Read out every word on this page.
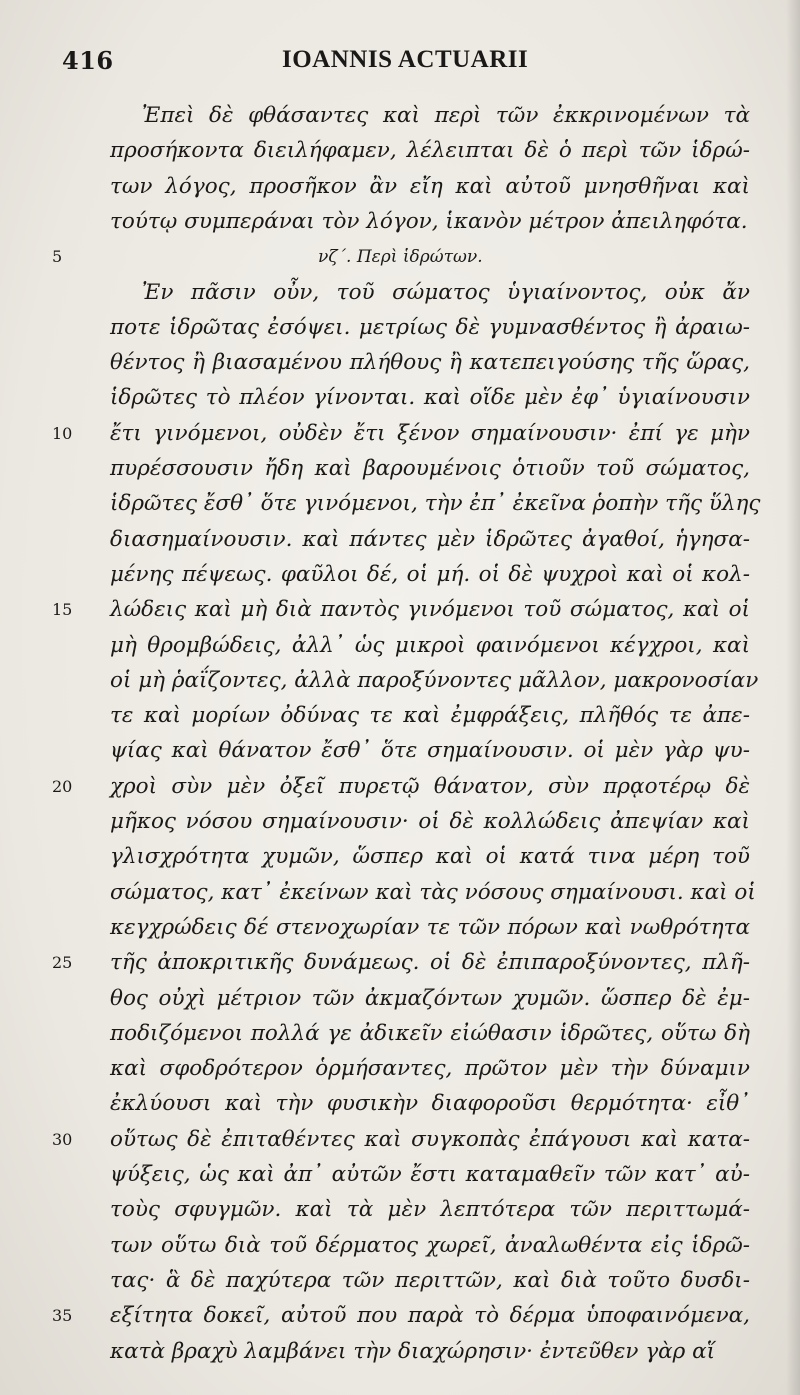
416	IOANNIS ACTUARII
Ἐπεὶ δὲ φθάσαντες καὶ περὶ τῶν ἐκκρινομένων τὰ
προσήκοντα διειλήφαμεν, λέλειπται δὲ ὁ περὶ τῶν ἱδρώ-
των λόγος, προσῆκον ἂν εἴη καὶ αὐτοῦ μνησθῆναι καὶ
τούτῳ συμπεράναι τὸν λόγον, ἱκανὸν μέτρον ἀπειληφότα.
5	νζ΄. Περὶ ἱδρώτων.
Ἐν πᾶσιν οὖν, τοῦ σώματος ὑγιαίνοντος, οὐκ ἄν
ποτε ἱδρῶτας ἐσόψει. μετρίως δὲ γυμνασθέντος ἢ ἀραιω-
θέντος ἢ βιασαμένου πλήθους ἢ κατεπειγούσης τῆς ὥρας,
ἱδρῶτες τὸ πλέον γίνονται. καὶ οἵδε μὲν ἐφ᾽ ὑγιαίνουσιν
10	ἔτι γινόμενοι, οὐδὲν ἔτι ξένον σημαίνουσιν· ἐπί γε μὴν
πυρέσσουσιν ἤδη καὶ βαρουμένοις ὁτιοῦν τοῦ σώματος,
ἱδρῶτες ἔσθ᾽ ὅτε γινόμενοι, τὴν ἐπ᾽ ἐκεῖνα ῥοπὴν τῆς ὕλης
διασημαίνουσιν. καὶ πάντες μὲν ἱδρῶτες ἀγαθοί, ἡγησα-
μένης πέψεως. φαῦλοι δέ, οἱ μή. οἱ δὲ ψυχροὶ καὶ οἱ κολ-
15	λώδεις καὶ μὴ διὰ παντὸς γινόμενοι τοῦ σώματος, καὶ οἱ
μὴ θρομβώδεις, ἀλλ᾽ ὡς μικροὶ φαινόμενοι κέγχροι, καὶ
οἱ μὴ ῥαΐζοντες, ἀλλὰ παροξύνοντες μᾶλλον, μακρονοσίαν
τε καὶ μορίων ὀδύνας τε καὶ ἐμφράξεις, πλῆθός τε ἀπε-
ψίας καὶ θάνατον ἔσθ᾽ ὅτε σημαίνουσιν. οἱ μὲν γὰρ ψυ-
20	χροὶ σὺν μὲν ὀξεῖ πυρετῷ θάνατον, σὺν πρᾳοτέρῳ δὲ
μῆκος νόσου σημαίνουσιν· οἱ δὲ κολλώδεις ἀπεψίαν καὶ
γλισχρότητα χυμῶν, ὥσπερ καὶ οἱ κατά τινα μέρη τοῦ
σώματος, κατ᾽ ἐκείνων καὶ τὰς νόσους σημαίνουσι. καὶ οἱ
κεγχρώδεις δέ στενοχωρίαν τε τῶν πόρων καὶ νωθρότητα
25	τῆς ἀποκριτικῆς δυνάμεως. οἱ δὲ ἐπιπαροξύνοντες, πλῆ-
θος οὐχὶ μέτριον τῶν ἀκμαζόντων χυμῶν. ὥσπερ δὲ ἐμ-
ποδιζόμενοι πολλά γε ἀδικεῖν εἰώθασιν ἱδρῶτες, οὕτω δὴ
καὶ σφοδρότερον ὁρμήσαντες, πρῶτον μὲν τὴν δύναμιν
ἐκλύουσι καὶ τὴν φυσικὴν διαφοροῦσι θερμότητα· εἶθ᾽
30	οὕτως δὲ ἐπιταθέντες καὶ συγκοπὰς ἐπάγουσι καὶ κατα-
ψύξεις, ὡς καὶ ἀπ᾽ αὐτῶν ἔστι καταμαθεῖν τῶν κατ᾽ αὐ-
τοὺς σφυγμῶν. καὶ τὰ μὲν λεπτότερα τῶν περιττωμά-
των οὕτω διὰ τοῦ δέρματος χωρεῖ, ἀναλωθέντα εἰς ἱδρῶ-
τας· ἃ δὲ παχύτερα τῶν περιττῶν, καὶ διὰ τοῦτο δυσδι-
εξίτητα δοκεῖ, αὐτοῦ που παρὰ τὸ δέρμα ὑποφαινόμενα,
κατὰ βραχὺ λαμβάνει τὴν διαχώρησιν· ἐντεῦθεν γὰρ αἵ
35
